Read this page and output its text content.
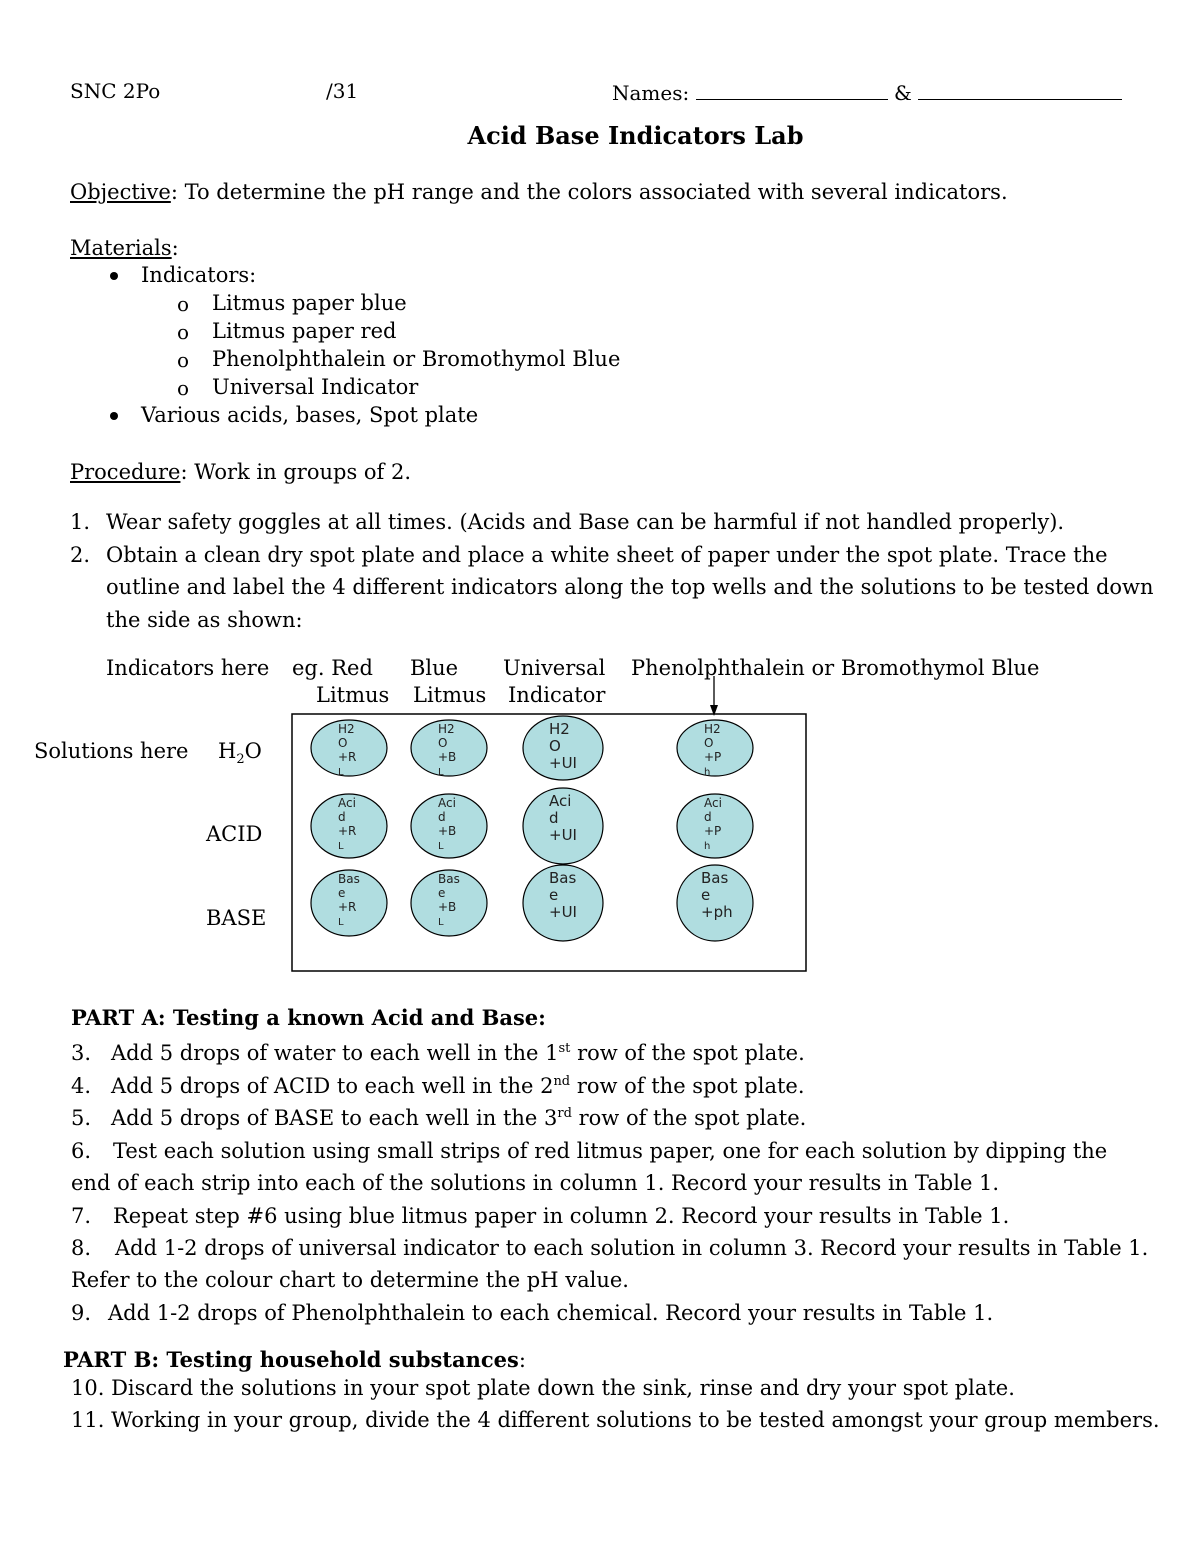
SNC 2Po	/31	Names:	&
Acid Base Indicators Lab
Objective: To determine the pH range and the colors associated with several indicators.
Materials:
Indicators:
o Litmus paper blue
o Litmus paper red
o Phenolphthalein or Bromothymol Blue
o Universal Indicator
Various acids, bases, Spot plate
Procedure: Work in groups of 2.
1. Wear safety goggles at all times. (Acids and Base can be harmful if not handled properly).
2. Obtain a clean dry spot plate and place a white sheet of paper under the spot plate. Trace the
outline and label the 4 different indicators along the top wells and the solutions to be tested down
the side as shown:
Indicators here eg. Red
Litmus
Blue
Litmus
Universal
Indicator
Phenolphthalein or Bromothymol Blue
Solutions here $H_2O$
ACID
BASE
H2
O
+R
L
H2
O
+B
L
H2
O
+UI
H2
O
+P
h
Aci
d
+R
L
Aci
d
+B
L
Aci
d
+UI
Aci
d
+P
h
Bas
e
+R
L
Bas
e
+B
L
Bas
e
+UI
Bas
e
+ph
PART A: Testing a known Acid and Base:
3. Add 5 drops of water to each well in the 1st row of the spot plate.
4. Add 5 drops of ACID to each well in the 2nd row of the spot plate.
5. Add 5 drops of BASE to each well in the 3rd row of the spot plate.
6. Test each solution using small strips of red litmus paper, one for each solution by dipping the
end of each strip into each of the solutions in column 1. Record your results in Table 1.
7. Repeat step #6 using blue litmus paper in column 2. Record your results in Table 1.
8. Add 1-2 drops of universal indicator to each solution in column 3. Record your results in Table 1.
Refer to the colour chart to determine the pH value.
9. Add 1-2 drops of Phenolphthalein to each chemical. Record your results in Table 1.
PART B: Testing household substances:
10. Discard the solutions in your spot plate down the sink, rinse and dry your spot plate.
11. Working in your group, divide the 4 different solutions to be tested amongst your group members.
